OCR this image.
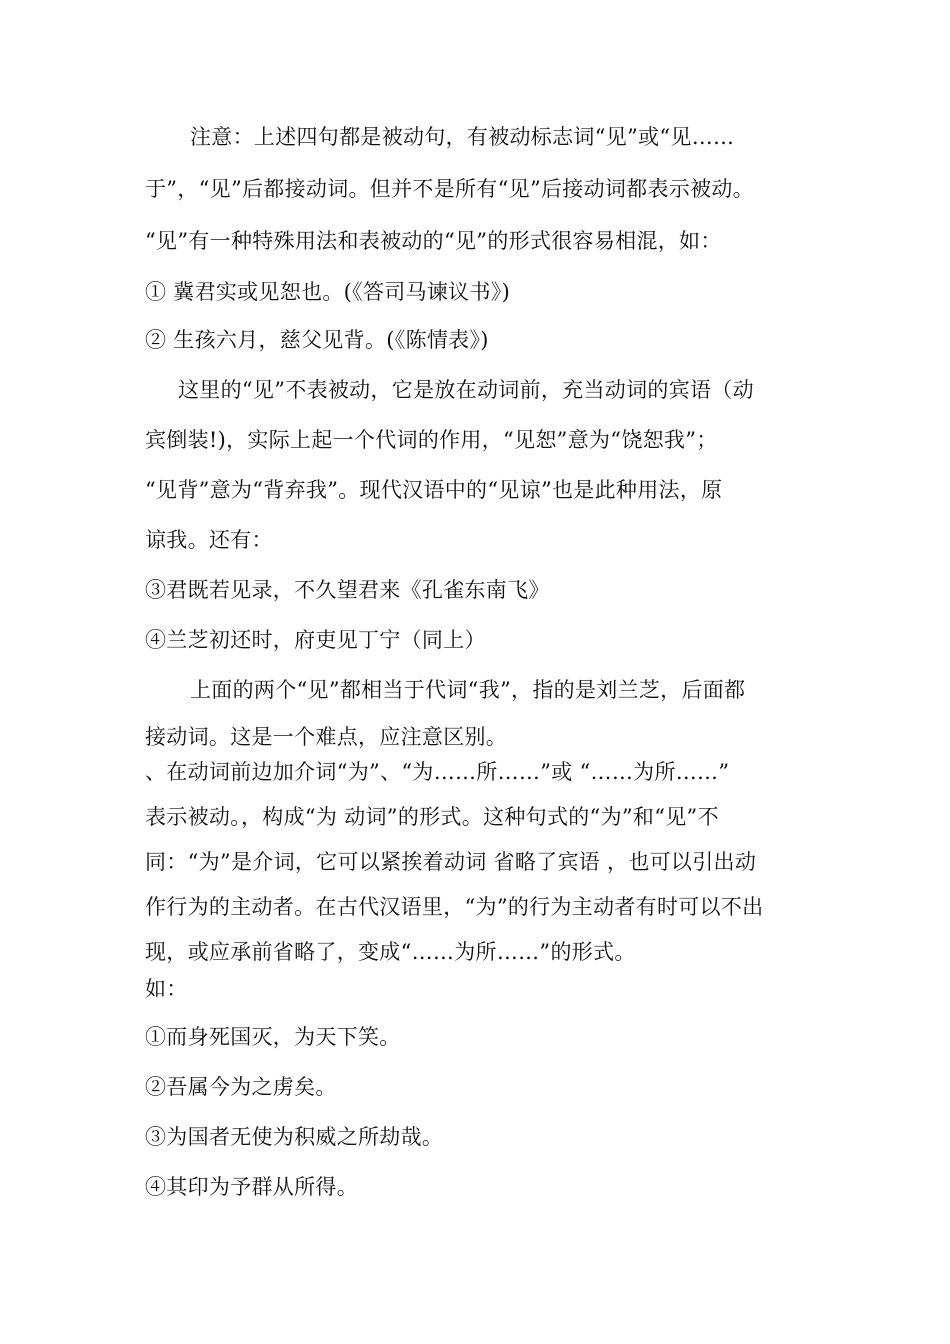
注意：上述四句都是被动句，有被动标志词“见”或“见……
于”，“见”后都接动词。但并不是所有“见”后接动词都表示被动。
“见”有一种特殊用法和表被动的“见”的形式很容易相混，如：
① 冀君实或见恕也。(《答司马谏议书》)
② 生孩六月，慈父见背。(《陈情表》)
这里的“见”不表被动，它是放在动词前，充当动词的宾语（动
宾倒装!)，实际上起一个代词的作用，“见恕”意为“饶恕我”；
“见背”意为“背弃我”。现代汉语中的“见谅”也是此种用法，原
谅我。还有：
③君既若见录，不久望君来《孔雀东南飞》
④兰芝初还时，府吏见丁宁（同上）
上面的两个“见”都相当于代词“我”，指的是刘兰芝，后面都
接动词。这是一个难点，应注意区别。
、在动词前边加介词“为”、“为……所……”或 “……为所……”
表示被动。，构成“为 动词”的形式。这种句式的“为”和“见”不
同：“为”是介词，它可以紧挨着动词 省略了宾语 ，也可以引出动
作行为的主动者。在古代汉语里，“为”的行为主动者有时可以不出
现，或应承前省略了，变成“……为所……”的形式。
如：
①而身死国灭，为天下笑。
②吾属今为之虏矣。
③为国者无使为积威之所劫哉。
④其印为予群从所得。
